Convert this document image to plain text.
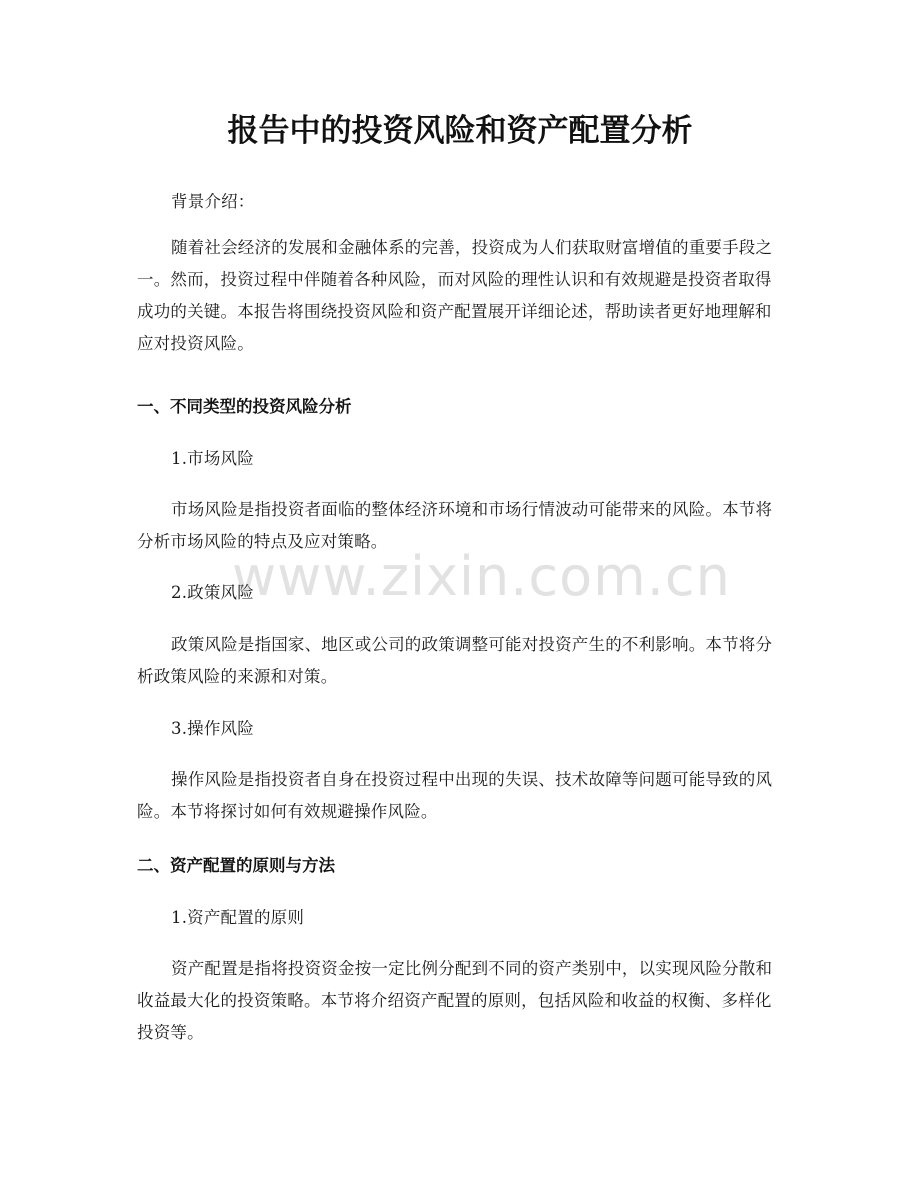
报告中的投资风险和资产配置分析

背景介绍：

随着社会经济的发展和金融体系的完善，投资成为人们获取财富增值的重要手段之一。然而，投资过程中伴随着各种风险，而对风险的理性认识和有效规避是投资者取得成功的关键。本报告将围绕投资风险和资产配置展开详细论述，帮助读者更好地理解和应对投资风险。

一、不同类型的投资风险分析

1.市场风险

市场风险是指投资者面临的整体经济环境和市场行情波动可能带来的风险。本节将分析市场风险的特点及应对策略。

2.政策风险

政策风险是指国家、地区或公司的政策调整可能对投资产生的不利影响。本节将分析政策风险的来源和对策。

3.操作风险

操作风险是指投资者自身在投资过程中出现的失误、技术故障等问题可能导致的风险。本节将探讨如何有效规避操作风险。

二、资产配置的原则与方法

1.资产配置的原则

资产配置是指将投资资金按一定比例分配到不同的资产类别中，以实现风险分散和收益最大化的投资策略。本节将介绍资产配置的原则，包括风险和收益的权衡、多样化投资等。

www.zixin.com.cn
